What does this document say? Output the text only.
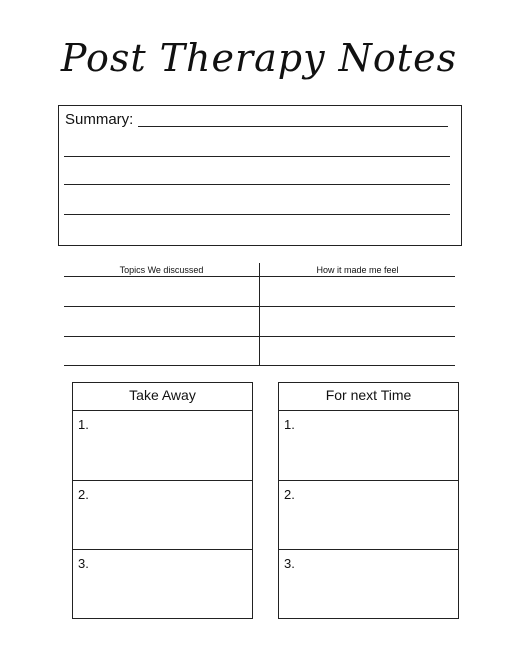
Post Therapy Notes
Summary:
Topics We discussed	How it made me feel
Take Away
1.
2.
3.
For next Time
1.
2.
3.
